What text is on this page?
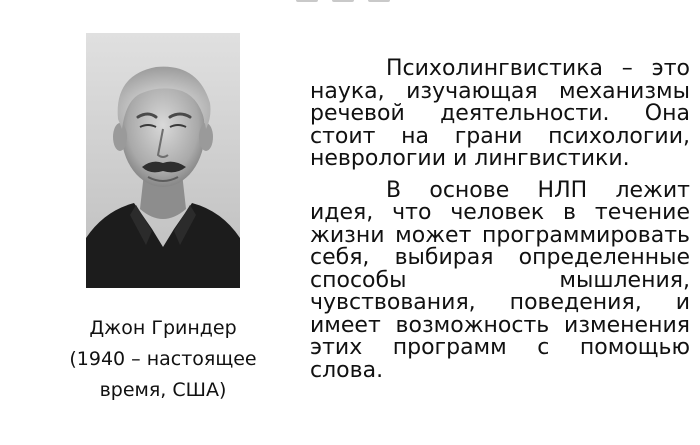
Джон Гриндер
(1940 – настоящее
время, США)

Психолингвистика – это наука, изучающая механизмы речевой деятельности. Она стоит на грани психологии, неврологии и лингвистики.

В основе НЛП лежит идея, что человек в течение жизни может программировать себя, выбирая определенные способы мышления, чувствования, поведения, и имеет возможность изменения этих программ с помощью слова.
